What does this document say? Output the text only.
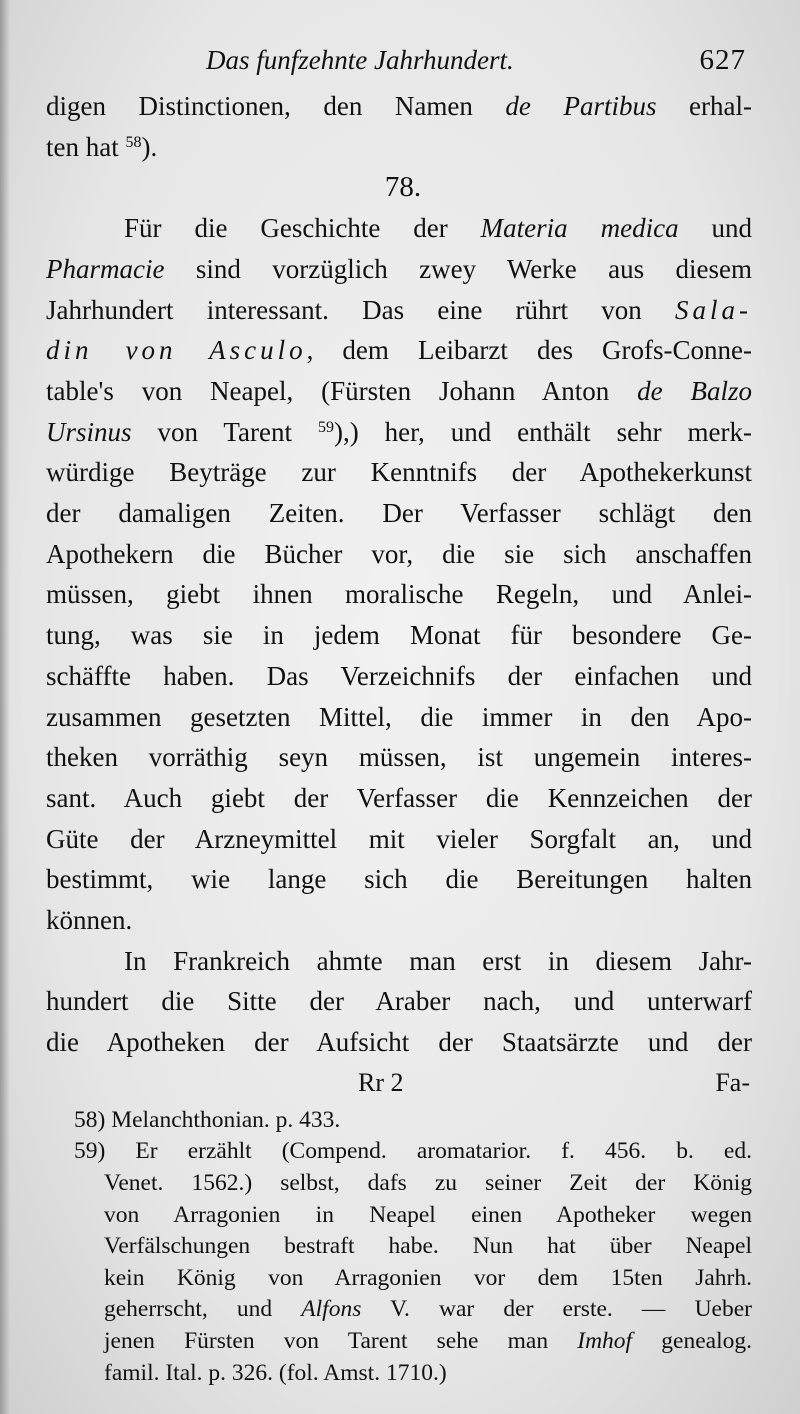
Das funfzehnte Jahrhundert.	627
digen Distinctionen, den Namen de Partibus erhal-
ten hat $^{58}$).
78.
Für die Geschichte der Materia medica und
Pharmacie sind vorzüglich zwey Werke aus diesem
Jahrhundert interessant. Das eine rührt von Sala-
din von Asculo, dem Leibarzt des Grofs-Conne-
table's von Neapel, (Fürsten Johann Anton de Balzo
Ursinus von Tarent $^{59}$),) her, und enthält sehr merk-
würdige Beyträge zur Kenntnifs der Apothekerkunst
der damaligen Zeiten. Der Verfasser schlägt den
Apothekern die Bücher vor, die sie sich anschaffen
müssen, giebt ihnen moralische Regeln, und Anlei-
tung, was sie in jedem Monat für besondere Ge-
schäffte haben. Das Verzeichnifs der einfachen und
zusammen gesetzten Mittel, die immer in den Apo-
theken vorräthig seyn müssen, ist ungemein interes-
sant. Auch giebt der Verfasser die Kennzeichen der
Güte der Arzneymittel mit vieler Sorgfalt an, und
bestimmt, wie lange sich die Bereitungen halten
können.
In Frankreich ahmte man erst in diesem Jahr-
hundert die Sitte der Araber nach, und unterwarf
die Apotheken der Aufsicht der Staatsärzte und der
Rr 2	Fa-
58) Melanchthonian. p. 433.
59) Er erzählt (Compend. aromatarior. f. 456. b. ed.
Venet. 1562.) selbst, dafs zu seiner Zeit der König
von Arragonien in Neapel einen Apotheker wegen
Verfälschungen bestraft habe. Nun hat über Neapel
kein König von Arragonien vor dem 15ten Jahrh.
geherrscht, und Alfons V. war der erste. — Ueber
jenen Fürsten von Tarent sehe man Imhof genealog.
famil. Ital. p. 326. (fol. Amst. 1710.)
